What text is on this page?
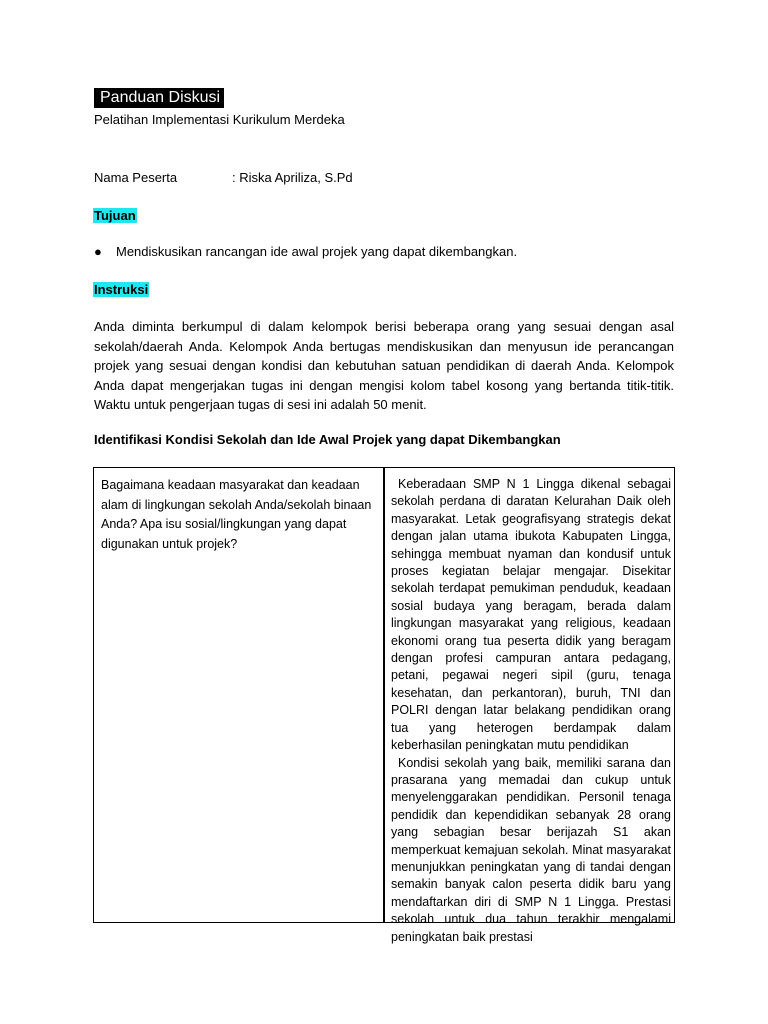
Panduan Diskusi
Pelatihan Implementasi Kurikulum Merdeka
Nama Peserta	: Riska Apriliza, S.Pd
Tujuan
● Mendiskusikan rancangan ide awal projek yang dapat dikembangkan.
Instruksi
Anda diminta berkumpul di dalam kelompok berisi beberapa orang yang sesuai dengan asal sekolah/daerah Anda. Kelompok Anda bertugas mendiskusikan dan menyusun ide perancangan projek yang sesuai dengan kondisi dan kebutuhan satuan pendidikan di daerah Anda. Kelompok Anda dapat mengerjakan tugas ini dengan mengisi kolom tabel kosong yang bertanda titik-titik. Waktu untuk pengerjaan tugas di sesi ini adalah 50 menit.
Identifikasi Kondisi Sekolah dan Ide Awal Projek yang dapat Dikembangkan
Bagaimana keadaan masyarakat dan keadaan alam di lingkungan sekolah Anda/sekolah binaan Anda? Apa isu sosial/lingkungan yang dapat digunakan untuk projek?

Keberadaan SMP N 1 Lingga dikenal sebagai sekolah perdana di daratan Kelurahan Daik oleh masyarakat. Letak geografisyang strategis dekat dengan jalan utama ibukota Kabupaten Lingga, sehingga membuat nyaman dan kondusif untuk proses kegiatan belajar mengajar. Disekitar sekolah terdapat pemukiman penduduk, keadaan sosial budaya yang beragam, berada dalam lingkungan masyarakat yang religious, keadaan ekonomi orang tua peserta didik yang beragam dengan profesi campuran antara pedagang, petani, pegawai negeri sipil (guru, tenaga kesehatan, dan perkantoran), buruh, TNI dan POLRI dengan latar belakang pendidikan orang tua yang heterogen berdampak dalam keberhasilan peningkatan mutu pendidikan

Kondisi sekolah yang baik, memiliki sarana dan prasarana yang memadai dan cukup untuk menyelenggarakan pendidikan. Personil tenaga pendidik dan kependidikan sebanyak 28 orang yang sebagian besar berijazah S1 akan memperkuat kemajuan sekolah. Minat masyarakat menunjukkan peningkatan yang di tandai dengan semakin banyak calon peserta didik baru yang mendaftarkan diri di SMP N 1 Lingga. Prestasi sekolah untuk dua tahun terakhir mengalami peningkatan baik prestasi
